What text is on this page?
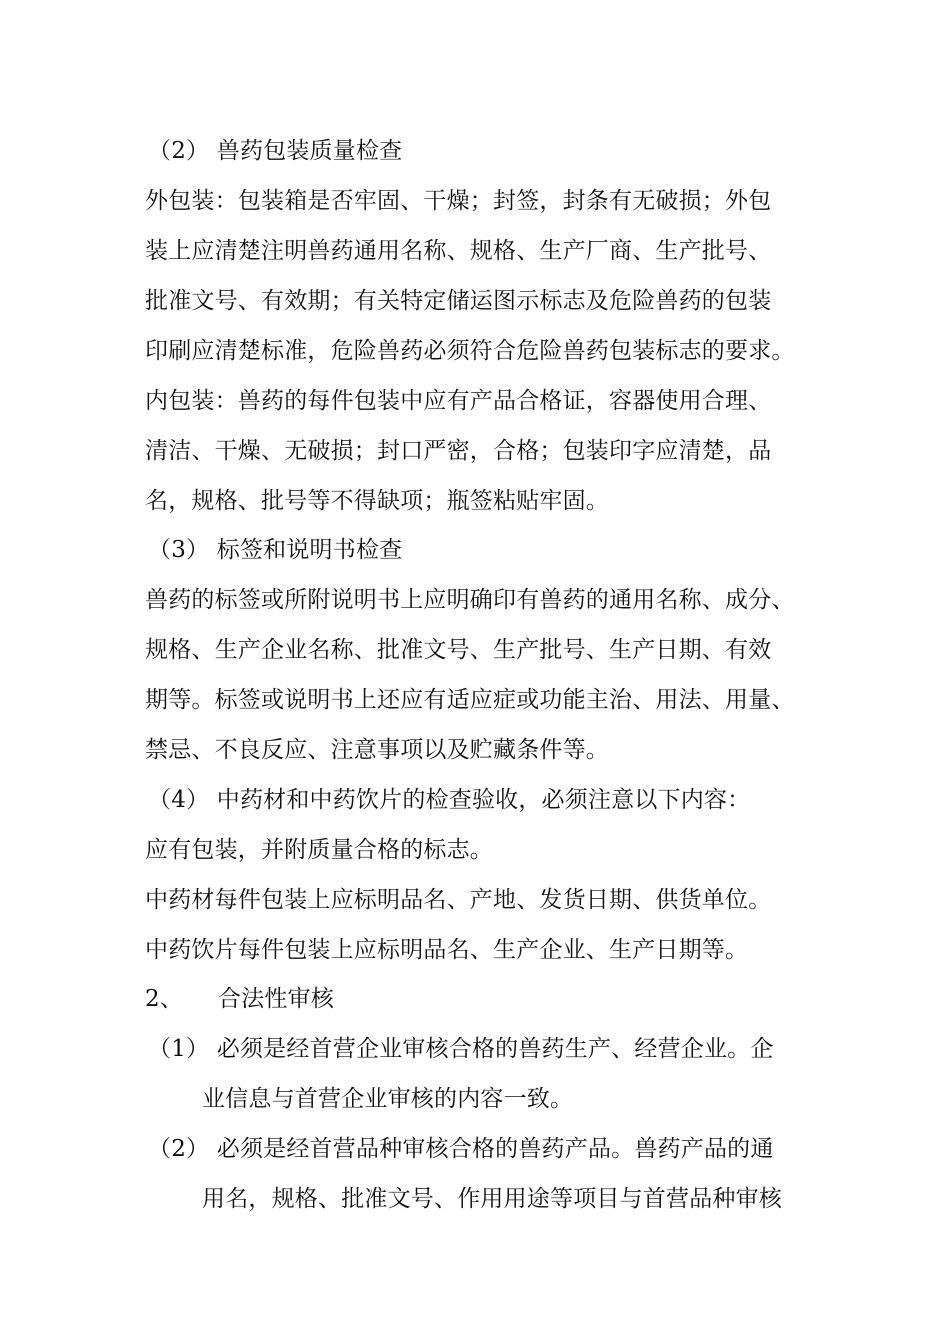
（2） 兽药包装质量检查
外包装：包装箱是否牢固、干燥；封签，封条有无破损；外包
装上应清楚注明兽药通用名称、规格、生产厂商、生产批号、
批准文号、有效期；有关特定储运图示标志及危险兽药的包装
印刷应清楚标准，危险兽药必须符合危险兽药包装标志的要求。
内包装：兽药的每件包装中应有产品合格证，容器使用合理、
清洁、干燥、无破损；封口严密，合格；包装印字应清楚，品
名，规格、批号等不得缺项；瓶签粘贴牢固。
（3） 标签和说明书检查
兽药的标签或所附说明书上应明确印有兽药的通用名称、成分、
规格、生产企业名称、批准文号、生产批号、生产日期、有效
期等。标签或说明书上还应有适应症或功能主治、用法、用量、
禁忌、不良反应、注意事项以及贮藏条件等。
（4） 中药材和中药饮片的检查验收，必须注意以下内容：
应有包装，并附质量合格的标志。
中药材每件包装上应标明品名、产地、发货日期、供货单位。
中药饮片每件包装上应标明品名、生产企业、生产日期等。
2、　　合法性审核
（1） 必须是经首营企业审核合格的兽药生产、经营企业。企
业信息与首营企业审核的内容一致。
（2） 必须是经首营品种审核合格的兽药产品。兽药产品的通
用名，规格、批准文号、作用用途等项目与首营品种审核
